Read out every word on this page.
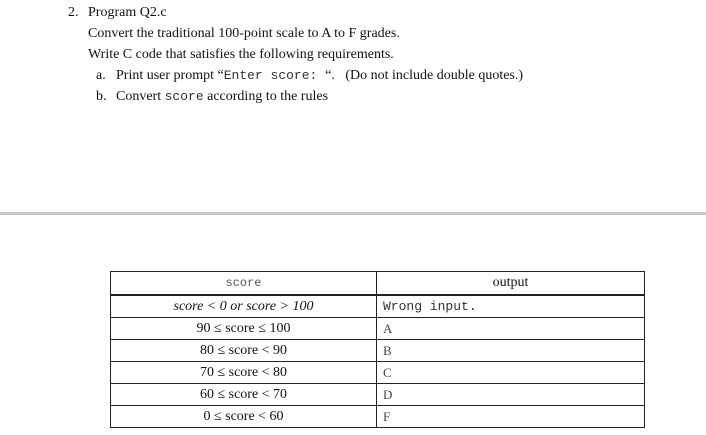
2. Program Q2.c
Convert the traditional 100-point scale to A to F grades.
Write C code that satisfies the following requirements.
a. Print user prompt “Enter score: “.   (Do not include double quotes.)
b. Convert score according to the rules
score	output
score < 0 or score > 100	Wrong input.
90 ≤ score ≤ 100	A
80 ≤ score < 90	B
70 ≤ score < 80	C
60 ≤ score < 70	D
0 ≤ score < 60	F
